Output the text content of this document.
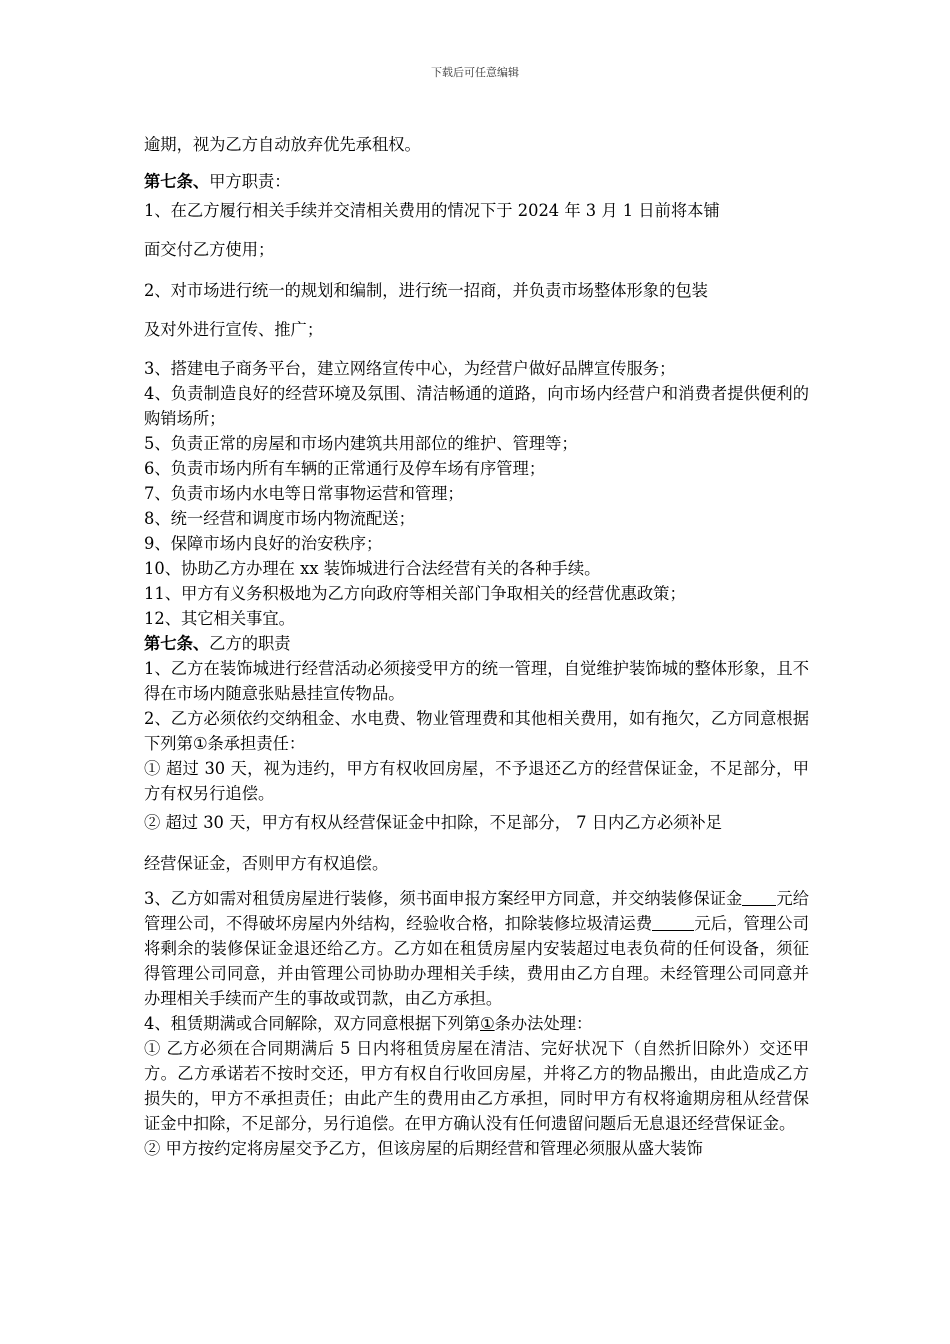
下载后可任意编辑

逾期，视为乙方自动放弃优先承租权。

第七条、甲方职责：

1、在乙方履行相关手续并交清相关费用的情况下于 2024 年 3 月 1 日前将本铺

面交付乙方使用；

2、对市场进行统一的规划和编制，进行统一招商，并负责市场整体形象的包装

及对外进行宣传、推广；

3、搭建电子商务平台，建立网络宣传中心，为经营户做好品牌宣传服务；

4、负责制造良好的经营环境及氛围、清洁畅通的道路，向市场内经营户和消费者提供便利的购销场所；

5、负责正常的房屋和市场内建筑共用部位的维护、管理等；

6、负责市场内所有车辆的正常通行及停车场有序管理；

7、负责市场内水电等日常事物运营和管理；

8、统一经营和调度市场内物流配送；

9、保障市场内良好的治安秩序；

10、协助乙方办理在 xx 装饰城进行合法经营有关的各种手续。

11、甲方有义务积极地为乙方向政府等相关部门争取相关的经营优惠政策；

12、其它相关事宜。

第七条、乙方的职责

1、乙方在装饰城进行经营活动必须接受甲方的统一管理，自觉维护装饰城的整体形象，且不得在市场内随意张贴悬挂宣传物品。

2、乙方必须依约交纳租金、水电费、物业管理费和其他相关费用，如有拖欠，乙方同意根据下列第①条承担责任：

① 超过 30 天，视为违约，甲方有权收回房屋，不予退还乙方的经营保证金，不足部分，甲方有权另行追偿。

② 超过 30 天，甲方有权从经营保证金中扣除，不足部分， 7 日内乙方必须补足

经营保证金，否则甲方有权追偿。

3、乙方如需对租赁房屋进行装修，须书面申报方案经甲方同意，并交纳装修保证金 元给管理公司，不得破坏房屋内外结构，经验收合格，扣除装修垃圾清运费	元后，管理公司将剩余的装修保证金退还给乙方。乙方如在租赁房屋内安装超过电表负荷的任何设备，须征得管理公司同意，并由管理公司协助办理相关手续，费用由乙方自理。未经管理公司同意并办理相关手续而产生的事故或罚款，由乙方承担。

4、租赁期满或合同解除，双方同意根据下列第①条办法处理：

① 乙方必须在合同期满后 5 日内将租赁房屋在清洁、完好状况下（自然折旧除外）交还甲方。乙方承诺若不按时交还，甲方有权自行收回房屋，并将乙方的物品搬出，由此造成乙方损失的，甲方不承担责任；由此产生的费用由乙方承担，同时甲方有权将逾期房租从经营保证金中扣除，不足部分，另行追偿。在甲方确认没有任何遗留问题后无息退还经营保证金。

② 甲方按约定将房屋交予乙方，但该房屋的后期经营和管理必须服从盛大装饰
